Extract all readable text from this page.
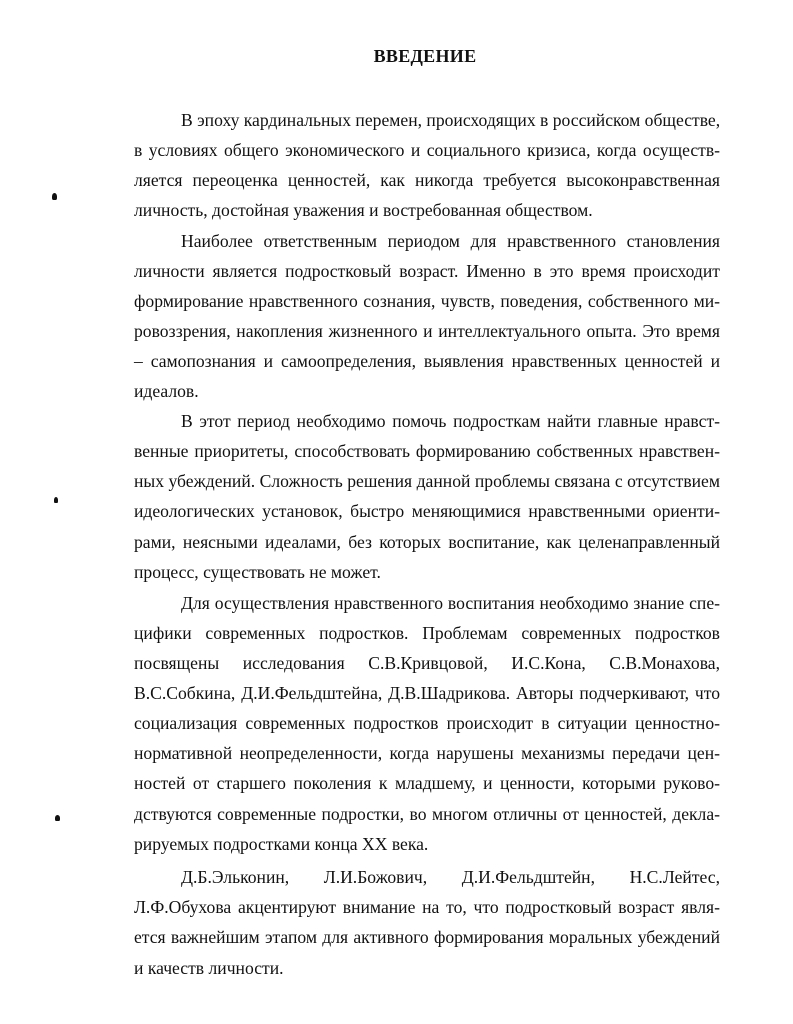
ВВЕДЕНИЕ
В эпоху кардинальных перемен, происходящих в российском обществе,
в условиях общего экономического и социального кризиса, когда осуществ-
ляется переоценка ценностей, как никогда требуется высоконравственная
личность, достойная уважения и востребованная обществом.
Наиболее ответственным периодом для нравственного становления
личности является подростковый возраст. Именно в это время происходит
формирование нравственного сознания, чувств, поведения, собственного ми-
ровоззрения, накопления жизненного и интеллектуального опыта. Это время
– самопознания и самоопределения, выявления нравственных ценностей и
идеалов.
В этот период необходимо помочь подросткам найти главные нравст-
венные приоритеты, способствовать формированию собственных нравствен-
ных убеждений. Сложность решения данной проблемы связана с отсутствием
идеологических установок, быстро меняющимися нравственными ориенти-
рами, неясными идеалами, без которых воспитание, как целенаправленный
процесс, существовать не может.
Для осуществления нравственного воспитания необходимо знание спе-
цифики современных подростков. Проблемам современных подростков
посвящены исследования С.В.Кривцовой, И.С.Кона, С.В.Монахова,
В.С.Собкина, Д.И.Фельдштейна, Д.В.Шадрикова. Авторы подчеркивают, что
социализация современных подростков происходит в ситуации ценностно-
нормативной неопределенности, когда нарушены механизмы передачи цен-
ностей от старшего поколения к младшему, и ценности, которыми руково-
дствуются современные подростки, во многом отличны от ценностей, декла-
рируемых подростками конца XX века.
Д.Б.Эльконин, Л.И.Божович, Д.И.Фельдштейн, Н.С.Лейтес,
Л.Ф.Обухова акцентируют внимание на то, что подростковый возраст явля-
ется важнейшим этапом для активного формирования моральных убеждений
и качеств личности.
